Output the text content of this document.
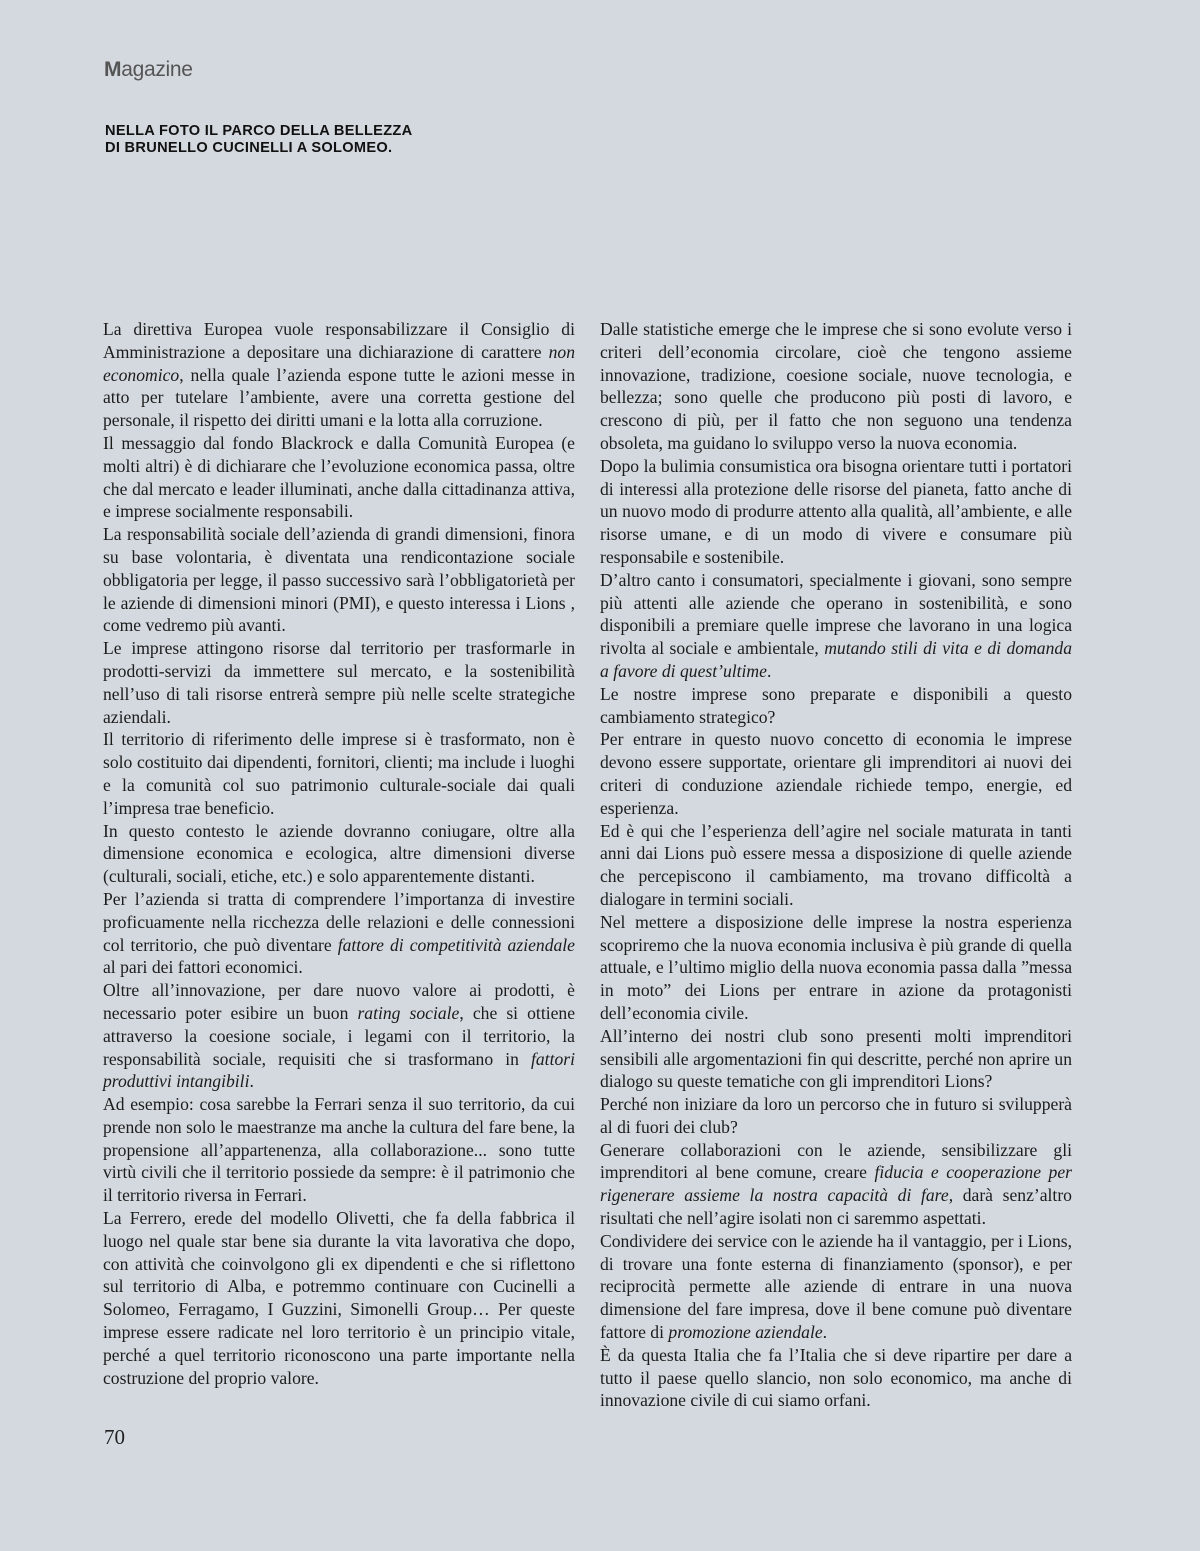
Magazine
NELLA FOTO IL PARCO DELLA BELLEZZA
DI BRUNELLO CUCINELLI A SOLOMEO.

La direttiva Europea vuole responsabilizzare il Consiglio di Amministrazione a depositare una dichiarazione di carattere non economico, nella quale l’azienda espone tutte le azioni messe in atto per tutelare l’ambiente, avere una corretta gestione del personale, il rispetto dei diritti umani e la lotta alla corruzione.

Il messaggio dal fondo Blackrock e dalla Comunità Europea (e molti altri) è di dichiarare che l’evoluzione economica passa, oltre che dal mercato e leader illuminati, anche dalla cittadinanza attiva, e imprese socialmente responsabili.

La responsabilità sociale dell’azienda di grandi dimensioni, finora su base volontaria, è diventata una rendicontazione sociale obbligatoria per legge, il passo successivo sarà l’obbligatorietà per le aziende di dimensioni minori (PMI), e questo interessa i Lions , come vedremo più avanti.

Le imprese attingono risorse dal territorio per trasformarle in prodotti-servizi da immettere sul mercato, e la sostenibilità nell’uso di tali risorse entrerà sempre più nelle scelte strategiche aziendali.

Il territorio di riferimento delle imprese si è trasformato, non è solo costituito dai dipendenti, fornitori, clienti; ma include i luoghi e la comunità col suo patrimonio culturale-sociale dai quali l’impresa trae beneficio.

In questo contesto le aziende dovranno coniugare, oltre alla dimensione economica e ecologica, altre dimensioni diverse (culturali, sociali, etiche, etc.) e solo apparentemente distanti.

Per l’azienda si tratta di comprendere l’importanza di investire proficuamente nella ricchezza delle relazioni e delle connessioni col territorio, che può diventare fattore di competitività aziendale al pari dei fattori economici.

Oltre all’innovazione, per dare nuovo valore ai prodotti, è necessario poter esibire un buon rating sociale, che si ottiene attraverso la coesione sociale, i legami con il territorio, la responsabilità sociale, requisiti che si trasformano in fattori produttivi intangibili.

Ad esempio: cosa sarebbe la Ferrari senza il suo territorio, da cui prende non solo le maestranze ma anche la cultura del fare bene, la propensione all’appartenenza, alla collaborazione... sono tutte virtù civili che il territorio possiede da sempre: è il patrimonio che il territorio riversa in Ferrari.

La Ferrero, erede del modello Olivetti, che fa della fabbrica il luogo nel quale star bene sia durante la vita lavorativa che dopo, con attività che coinvolgono gli ex dipendenti e che si riflettono sul territorio di Alba, e potremmo continuare con Cucinelli a Solomeo, Ferragamo, I Guzzini, Simonelli Group… Per queste imprese essere radicate nel loro territorio è un principio vitale, perché a quel territorio riconoscono una parte importante nella costruzione del proprio valore.

Dalle statistiche emerge che le imprese che si sono evolute verso i criteri dell’economia circolare, cioè che tengono assieme innovazione, tradizione, coesione sociale, nuove tecnologia, e bellezza; sono quelle che producono più posti di lavoro, e crescono di più, per il fatto che non seguono una tendenza obsoleta, ma guidano lo sviluppo verso la nuova economia.

Dopo la bulimia consumistica ora bisogna orientare tutti i portatori di interessi alla protezione delle risorse del pianeta, fatto anche di un nuovo modo di produrre attento alla qualità, all’ambiente, e alle risorse umane, e di un modo di vivere e consumare più responsabile e sostenibile.

D’altro canto i consumatori, specialmente i giovani, sono sempre più attenti alle aziende che operano in sostenibilità, e sono disponibili a premiare quelle imprese che lavorano in una logica rivolta al sociale e ambientale, mutando stili di vita e di domanda a favore di quest’ultime.

Le nostre imprese sono preparate e disponibili a questo cambiamento strategico?

Per entrare in questo nuovo concetto di economia le imprese devono essere supportate, orientare gli imprenditori ai nuovi dei criteri di conduzione aziendale richiede tempo, energie, ed esperienza.

Ed è qui che l’esperienza dell’agire nel sociale maturata in tanti anni dai Lions può essere messa a disposizione di quelle aziende che percepiscono il cambiamento, ma trovano difficoltà a dialogare in termini sociali.

Nel mettere a disposizione delle imprese la nostra esperienza scopriremo che la nuova economia inclusiva è più grande di quella attuale, e l’ultimo miglio della nuova economia passa dalla ”messa in moto” dei Lions per entrare in azione da protagonisti dell’economia civile.

All’interno dei nostri club sono presenti molti imprenditori sensibili alle argomentazioni fin qui descritte, perché non aprire un dialogo su queste tematiche con gli imprenditori Lions?

Perché non iniziare da loro un percorso che in futuro si svilupperà al di fuori dei club?

Generare collaborazioni con le aziende, sensibilizzare gli imprenditori al bene comune, creare fiducia e cooperazione per rigenerare assieme la nostra capacità di fare, darà senz’altro risultati che nell’agire isolati non ci saremmo aspettati.

Condividere dei service con le aziende ha il vantaggio, per i Lions, di trovare una fonte esterna di finanziamento (sponsor), e per reciprocità permette alle aziende di entrare in una nuova dimensione del fare impresa, dove il bene comune può diventare fattore di promozione aziendale.

È da questa Italia che fa l’Italia che si deve ripartire per dare a tutto il paese quello slancio, non solo economico, ma anche di innovazione civile di cui siamo orfani.

70
